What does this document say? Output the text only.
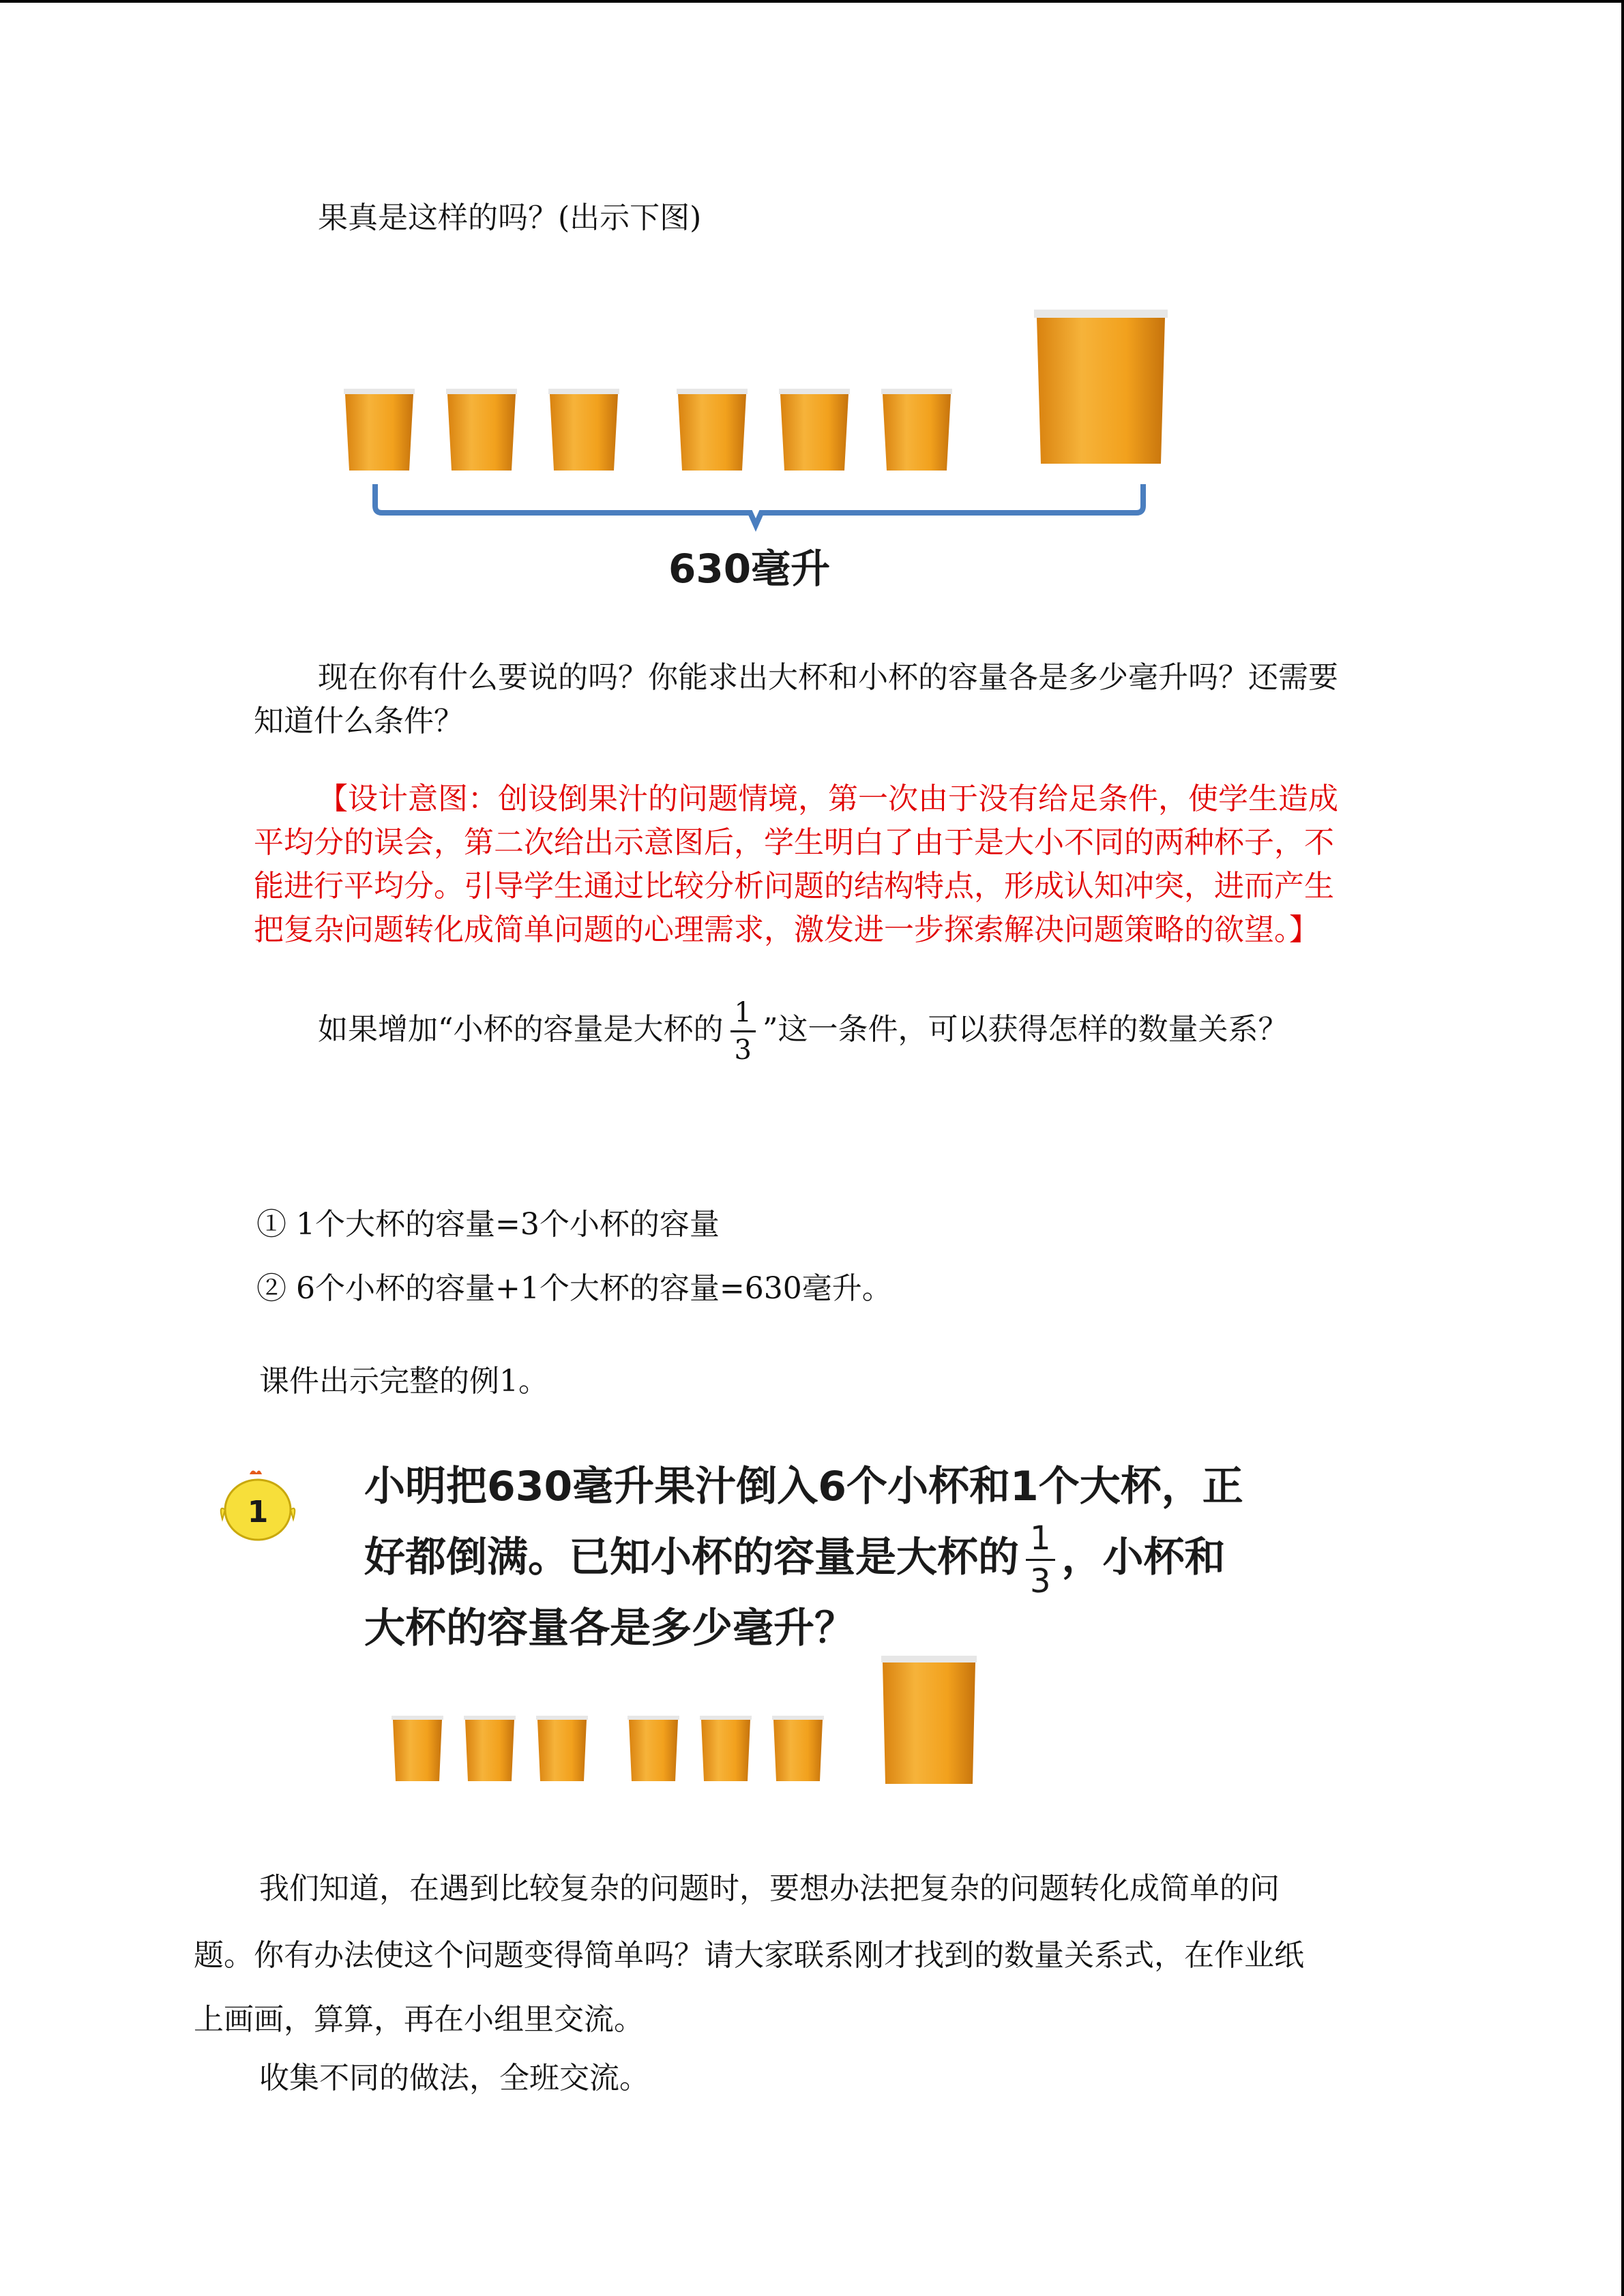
果真是这样的吗？(出示下图)
630毫升
现在你有什么要说的吗？你能求出大杯和小杯的容量各是多少毫升吗？还需要
知道什么条件？
【设计意图：创设倒果汁的问题情境，第一次由于没有给足条件，使学生造成
平均分的误会，第二次给出示意图后，学生明白了由于是大小不同的两种杯子，不
能进行平均分。引导学生通过比较分析问题的结构特点，形成认知冲突，进而产生
把复杂问题转化成简单问题的心理需求，激发进一步探索解决问题策略的欲望。】
如果增加“小杯的容量是大杯的 $\frac{1}{3}$ ”这一条件，可以获得怎样的数量关系？
① 1个大杯的容量=3个小杯的容量
② 6个小杯的容量+1个大杯的容量=630毫升。
课件出示完整的例1。
1
小明把630毫升果汁倒入6个小杯和1个大杯，正
好都倒满。已知小杯的容量是大杯的 $\frac{1}{3}$ ，小杯和
大杯的容量各是多少毫升？
我们知道，在遇到比较复杂的问题时，要想办法把复杂的问题转化成简单的问
题。你有办法使这个问题变得简单吗？请大家联系刚才找到的数量关系式，在作业纸
上画画，算算，再在小组里交流。
收集不同的做法，全班交流。
